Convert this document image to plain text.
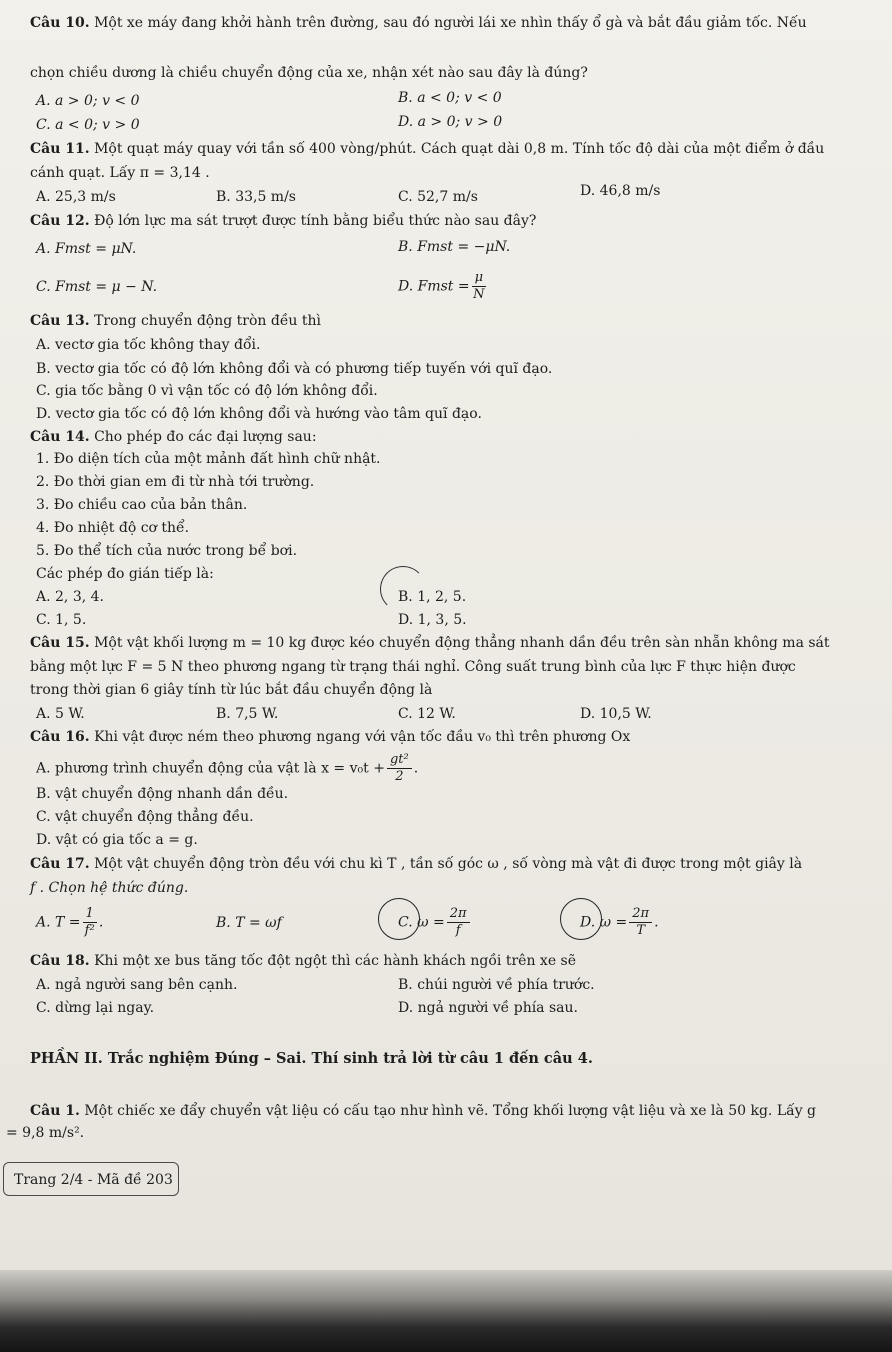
Câu 10. Một xe máy đang khởi hành trên đường, sau đó người lái xe nhìn thấy ổ gà và bắt đầu giảm tốc. Nếu
chọn chiều dương là chiều chuyển động của xe, nhận xét nào sau đây là đúng?
A. a > 0; v < 0	B. a < 0; v < 0
C. a < 0; v > 0	D. a > 0; v > 0
Câu 11. Một quạt máy quay với tần số 400 vòng/phút. Cách quạt dài 0,8 m. Tính tốc độ dài của một điểm ở đầu
cánh quạt. Lấy π = 3,14 .
A. 25,3 m/s	B. 33,5 m/s	C. 52,7 m/s	D. 46,8 m/s
Câu 12. Độ lớn lực ma sát trượt được tính bằng biểu thức nào sau đây?
A. Fmst = μN.	B. Fmst = −μN.
C. Fmst = μ − N.	D. Fmst = $\frac{\mu}{N}$
Câu 13. Trong chuyển động tròn đều thì
A. vectơ gia tốc không thay đổi.
B. vectơ gia tốc có độ lớn không đổi và có phương tiếp tuyến với quĩ đạo.
C. gia tốc bằng 0 vì vận tốc có độ lớn không đổi.
D. vectơ gia tốc có độ lớn không đổi và hướng vào tâm quĩ đạo.
Câu 14. Cho phép đo các đại lượng sau:
1. Đo diện tích của một mảnh đất hình chữ nhật.
2. Đo thời gian em đi từ nhà tới trường.
3. Đo chiều cao của bản thân.
4. Đo nhiệt độ cơ thể.
5. Đo thể tích của nước trong bể bơi.
Các phép đo gián tiếp là:
A. 2, 3, 4.	B. 1, 2, 5.
C. 1, 5.	D. 1, 3, 5.
Câu 15. Một vật khối lượng m = 10 kg được kéo chuyển động thẳng nhanh dần đều trên sàn nhẵn không ma sát
bằng một lực F = 5 N theo phương ngang từ trạng thái nghỉ. Công suất trung bình của lực F thực hiện được
trong thời gian 6 giây tính từ lúc bắt đầu chuyển động là
A. 5 W.	B. 7,5 W.	C. 12 W.	D. 10,5 W.
Câu 16. Khi vật được ném theo phương ngang với vận tốc đầu v₀ thì trên phương Ox
A. phương trình chuyển động của vật là $x = v_0t + \frac{\text{gt²}}{2}$ .
B. vật chuyển động nhanh dần đều.
C. vật chuyển động thẳng đều.
D. vật có gia tốc a = g.
Câu 17. Một vật chuyển động tròn đều với chu kì T , tần số góc ω , số vòng mà vật đi được trong một giây là
f . Chọn hệ thức đúng.
A. $T = \frac{1}{\text{f²}}$ .	B. T = ωf	C. $\omega = \frac{2\pi}{f}$	D. $\omega = \frac{2\pi}{T}$ .
Câu 18. Khi một xe bus tăng tốc đột ngột thì các hành khách ngồi trên xe sẽ
A. ngả người sang bên cạnh.	B. chúi người về phía trước.
C. dừng lại ngay.	D. ngả người về phía sau.
PHẦN II. Trắc nghiệm Đúng – Sai. Thí sinh trả lời từ câu 1 đến câu 4.
Câu 1. Một chiếc xe đẩy chuyển vật liệu có cấu tạo như hình vẽ. Tổng khối lượng vật liệu và xe là 50 kg. Lấy g
= 9,8 m/s².
Trang 2/4 - Mã đề 203
